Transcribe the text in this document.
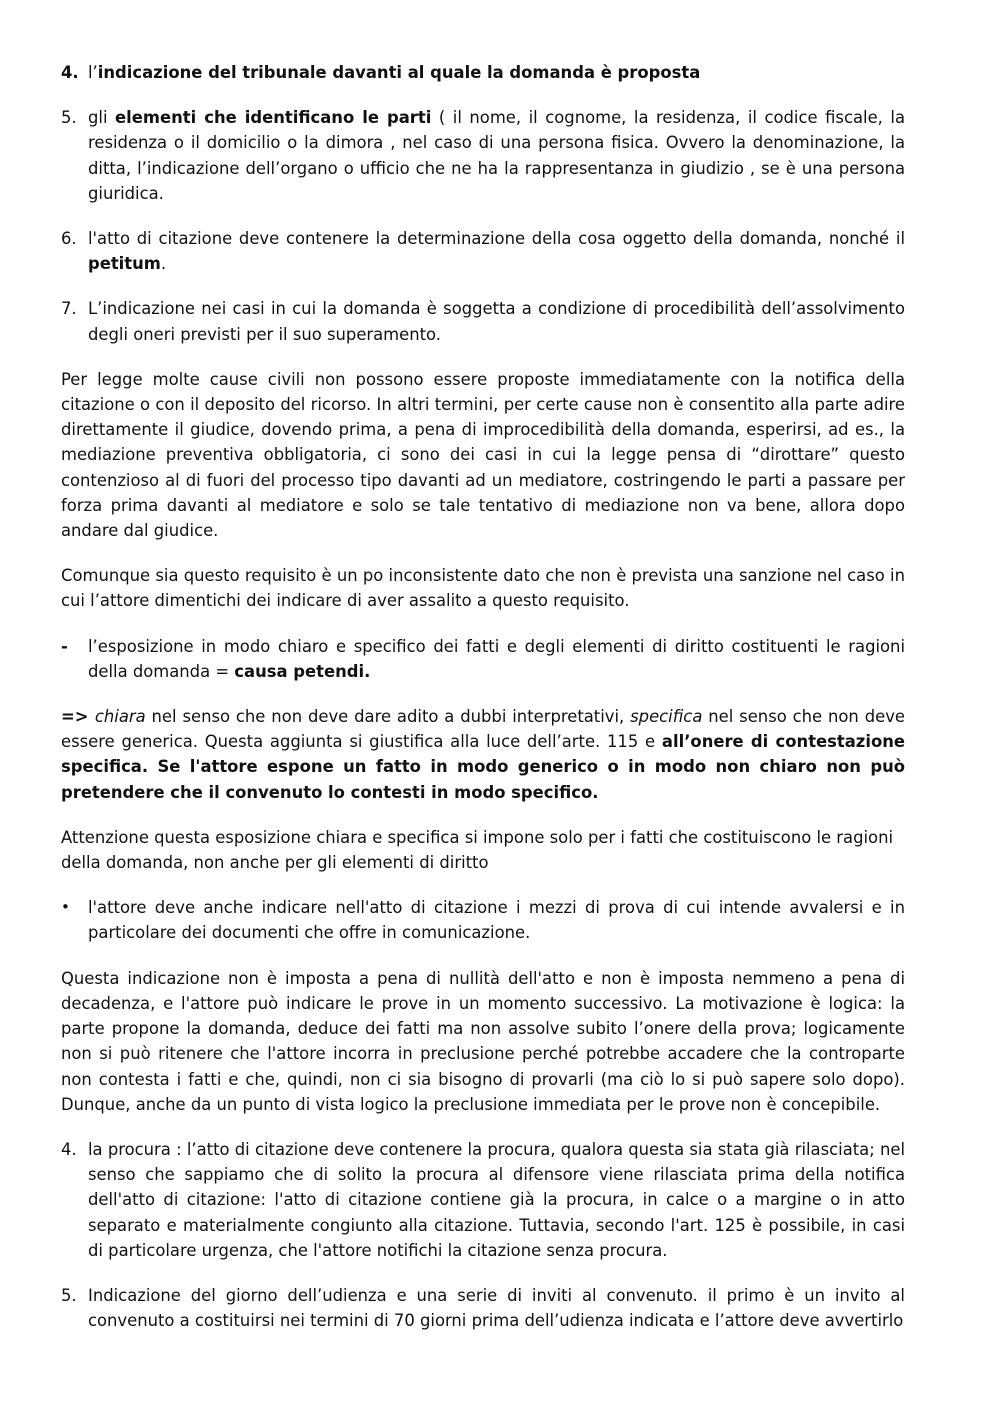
4. l’indicazione del tribunale davanti al quale la domanda è proposta
5. gli elementi che identificano le parti ( il nome, il cognome, la residenza, il codice fiscale, la residenza o il domicilio o la dimora , nel caso di una persona fisica. Ovvero la denominazione, la ditta, l’indicazione dell’organo o ufficio che ne ha la rappresentanza in giudizio , se è una persona giuridica.
6. l'atto di citazione deve contenere la determinazione della cosa oggetto della domanda, nonché il petitum.
7. L’indicazione nei casi in cui la domanda è soggetta a condizione di procedibilità dell’assolvimento degli oneri previsti per il suo superamento.

Per legge molte cause civili non possono essere proposte immediatamente con la notifica della citazione o con il deposito del ricorso. In altri termini, per certe cause non è consentito alla parte adire direttamente il giudice, dovendo prima, a pena di improcedibilità della domanda, esperirsi, ad es., la mediazione preventiva obbligatoria, ci sono dei casi in cui la legge pensa di “dirottare” questo contenzioso al di fuori del processo tipo davanti ad un mediatore, costringendo le parti a passare per forza prima davanti al mediatore e solo se tale tentativo di mediazione non va bene, allora dopo andare dal giudice.

Comunque sia questo requisito è un po inconsistente dato che non è prevista una sanzione nel caso in cui l’attore dimentichi dei indicare di aver assalito a questo requisito.

-	l’esposizione in modo chiaro e specifico dei fatti e degli elementi di diritto costituenti le ragioni della domanda = causa petendi.

=> chiara nel senso che non deve dare adito a dubbi interpretativi, specifica nel senso che non deve essere generica. Questa aggiunta si giustifica alla luce dell’arte. 115 e all’onere di contestazione specifica. Se l'attore espone un fatto in modo generico o in modo non chiaro non può pretendere che il convenuto lo contesti in modo specifico.

Attenzione questa esposizione chiara e specifica si impone solo per i fatti che costituiscono le ragioni della domanda, non anche per gli elementi di diritto

•	l'attore deve anche indicare nell'atto di citazione i mezzi di prova di cui intende avvalersi e in particolare dei documenti che offre in comunicazione.

Questa indicazione non è imposta a pena di nullità dell'atto e non è imposta nemmeno a pena di decadenza, e l'attore può indicare le prove in un momento successivo. La motivazione è logica: la parte propone la domanda, deduce dei fatti ma non assolve subito l’onere della prova; logicamente non si può ritenere che l'attore incorra in preclusione perché potrebbe accadere che la controparte non contesta i fatti e che, quindi, non ci sia bisogno di provarli (ma ciò lo si può sapere solo dopo). Dunque, anche da un punto di vista logico la preclusione immediata per le prove non è concepibile.

4. la procura : l’atto di citazione deve contenere la procura, qualora questa sia stata già rilasciata; nel senso che sappiamo che di solito la procura al difensore viene rilasciata prima della notifica dell'atto di citazione: l'atto di citazione contiene già la procura, in calce o a margine o in atto separato e materialmente congiunto alla citazione. Tuttavia, secondo l'art. 125 è possibile, in casi di particolare urgenza, che l'attore notifichi la citazione senza procura.
5. Indicazione del giorno dell’udienza e una serie di inviti al convenuto. il primo è un invito al convenuto a costituirsi nei termini di 70 giorni prima dell’udienza indicata e l’attore deve avvertirlo
